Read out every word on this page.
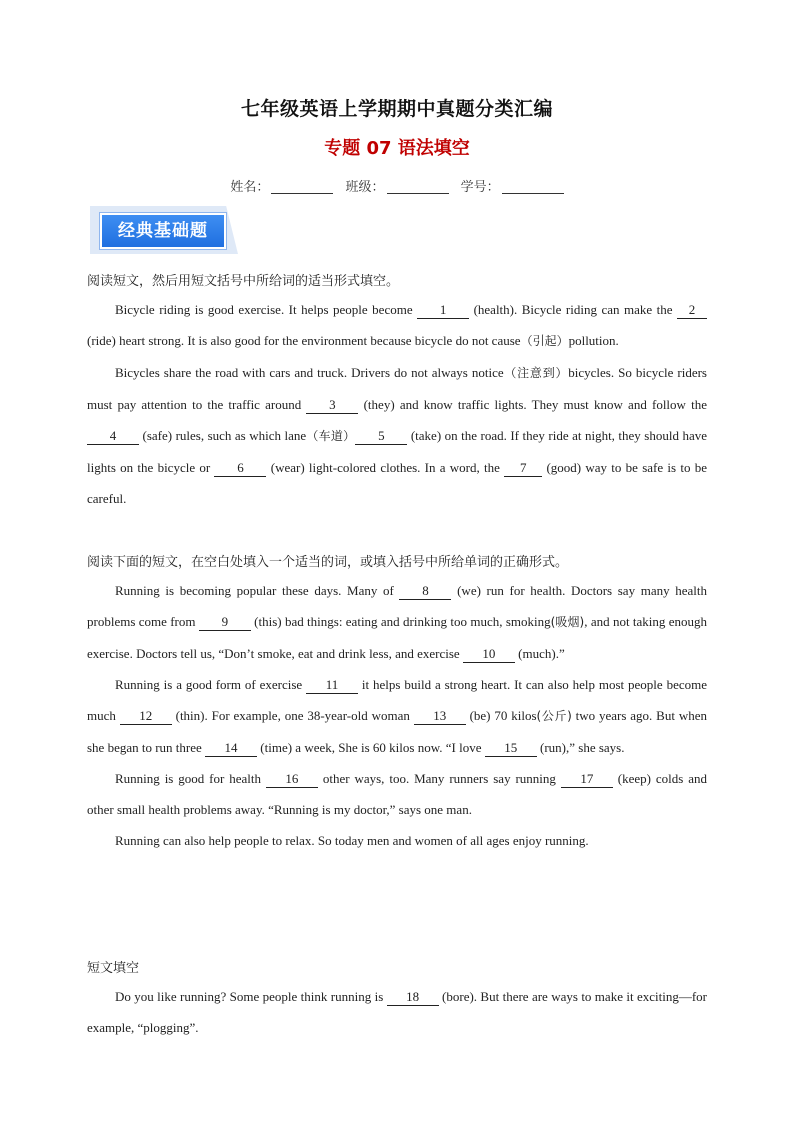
七年级英语上学期期中真题分类汇编
专题 07 语法填空
姓名：	班级：	学号：
经典基础题
阅读短文，然后用短文括号中所给词的适当形式填空。

Bicycle riding is good exercise. It helps people become 1 (health). Bicycle riding can make the 2 (ride) heart strong. It is also good for the environment because bicycle do not cause（引起）pollution.

Bicycles share the road with cars and truck. Drivers do not always notice（注意到）bicycles. So bicycle riders must pay attention to the traffic around 3 (they) and know traffic lights. They must know and follow the 4 (safe) rules, such as which lane（车道） 5 (take) on the road. If they ride at night, they should have lights on the bicycle or 6 (wear) light-colored clothes. In a word, the 7 (good) way to be safe is to be careful.

阅读下面的短文，在空白处填入一个适当的词，或填入括号中所给单词的正确形式。

Running is becoming popular these days. Many of 8 (we) run for health. Doctors say many health problems come from 9 (this) bad things: eating and drinking too much, smoking(吸烟), and not taking enough exercise. Doctors tell us, “Don’t smoke, eat and drink less, and exercise 10 (much).”

Running is a good form of exercise 11 it helps build a strong heart. It can also help most people become much 12 (thin). For example, one 38-year-old woman 13 (be) 70 kilos(公斤) two years ago. But when she began to run three 14 (time) a week, She is 60 kilos now. “I love 15 (run),” she says.

Running is good for health 16 other ways, too. Many runners say running 17 (keep) colds and other small health problems away. “Running is my doctor,” says one man.

Running can also help people to relax. So today men and women of all ages enjoy running.

短文填空

Do you like running? Some people think running is 18 (bore). But there are ways to make it exciting—for example, “plogging”.
